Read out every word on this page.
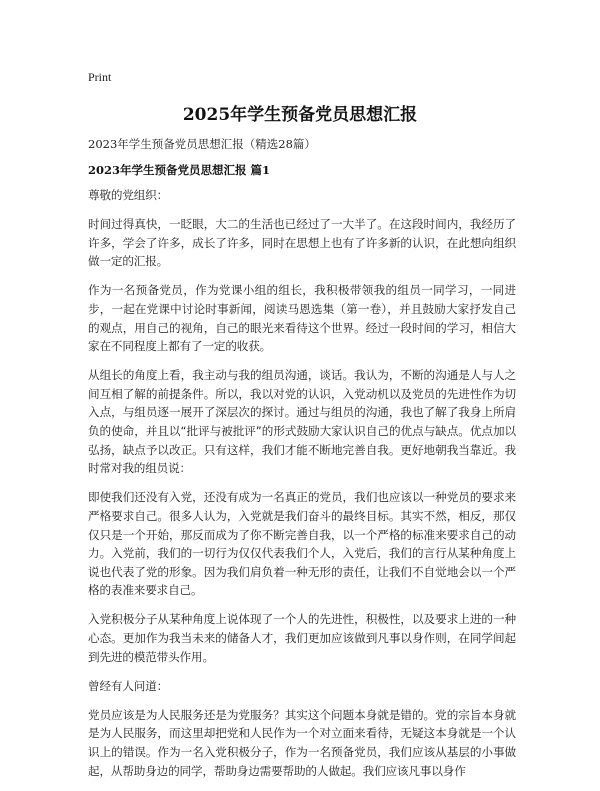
Print
2025年学生预备党员思想汇报
2023年学生预备党员思想汇报（精选28篇）
2023年学生预备党员思想汇报 篇1

尊敬的党组织：

时间过得真快，一眨眼，大二的生活也已经过了一大半了。在这段时间内，我经历了许多，学会了许多，成长了许多，同时在思想上也有了许多新的认识，在此想向组织做一定的汇报。

作为一名预备党员，作为党课小组的组长，我积极带领我的组员一同学习，一同进步，一起在党课中讨论时事新闻，阅读马恩选集（第一卷），并且鼓励大家抒发自己的观点，用自己的视角，自己的眼光来看待这个世界。经过一段时间的学习，相信大家在不同程度上都有了一定的收获。

从组长的角度上看，我主动与我的组员沟通，谈话。我认为，不断的沟通是人与人之间互相了解的前提条件。所以，我以对党的认识，入党动机以及党员的先进性作为切入点，与组员逐一展开了深层次的探讨。通过与组员的沟通，我也了解了我身上所肩负的使命，并且以“批评与被批评”的形式鼓励大家认识自己的优点与缺点。优点加以弘扬，缺点予以改正。只有这样，我们才能不断地完善自我。更好地朝我当靠近。我时常对我的组员说：

即使我们还没有入党，还没有成为一名真正的党员，我们也应该以一种党员的要求来严格要求自己。很多人认为，入党就是我们奋斗的最终目标。其实不然，相反，那仅仅只是一个开始，那反而成为了你不断完善自我，以一个严格的标准来要求自己的动力。入党前，我们的一切行为仅仅代表我们个人，入党后，我们的言行从某种角度上说也代表了党的形象。因为我们肩负着一种无形的责任，让我们不自觉地会以一个严格的表准来要求自己。

入党积极分子从某种角度上说体现了一个人的先进性，积极性，以及要求上进的一种心态。更加作为我当未来的储备人才，我们更加应该做到凡事以身作则，在同学间起到先进的模范带头作用。

曾经有人问道：

党员应该是为人民服务还是为党服务？其实这个问题本身就是错的。党的宗旨本身就是为人民服务，而这里却把党和人民作为一个对立面来看待，无疑这本身就是一个认识上的错误。作为一名入党积极分子，作为一名预备党员，我们应该从基层的小事做起，从帮助身边的同学，帮助身边需要帮助的人做起。我们应该凡事以身作
